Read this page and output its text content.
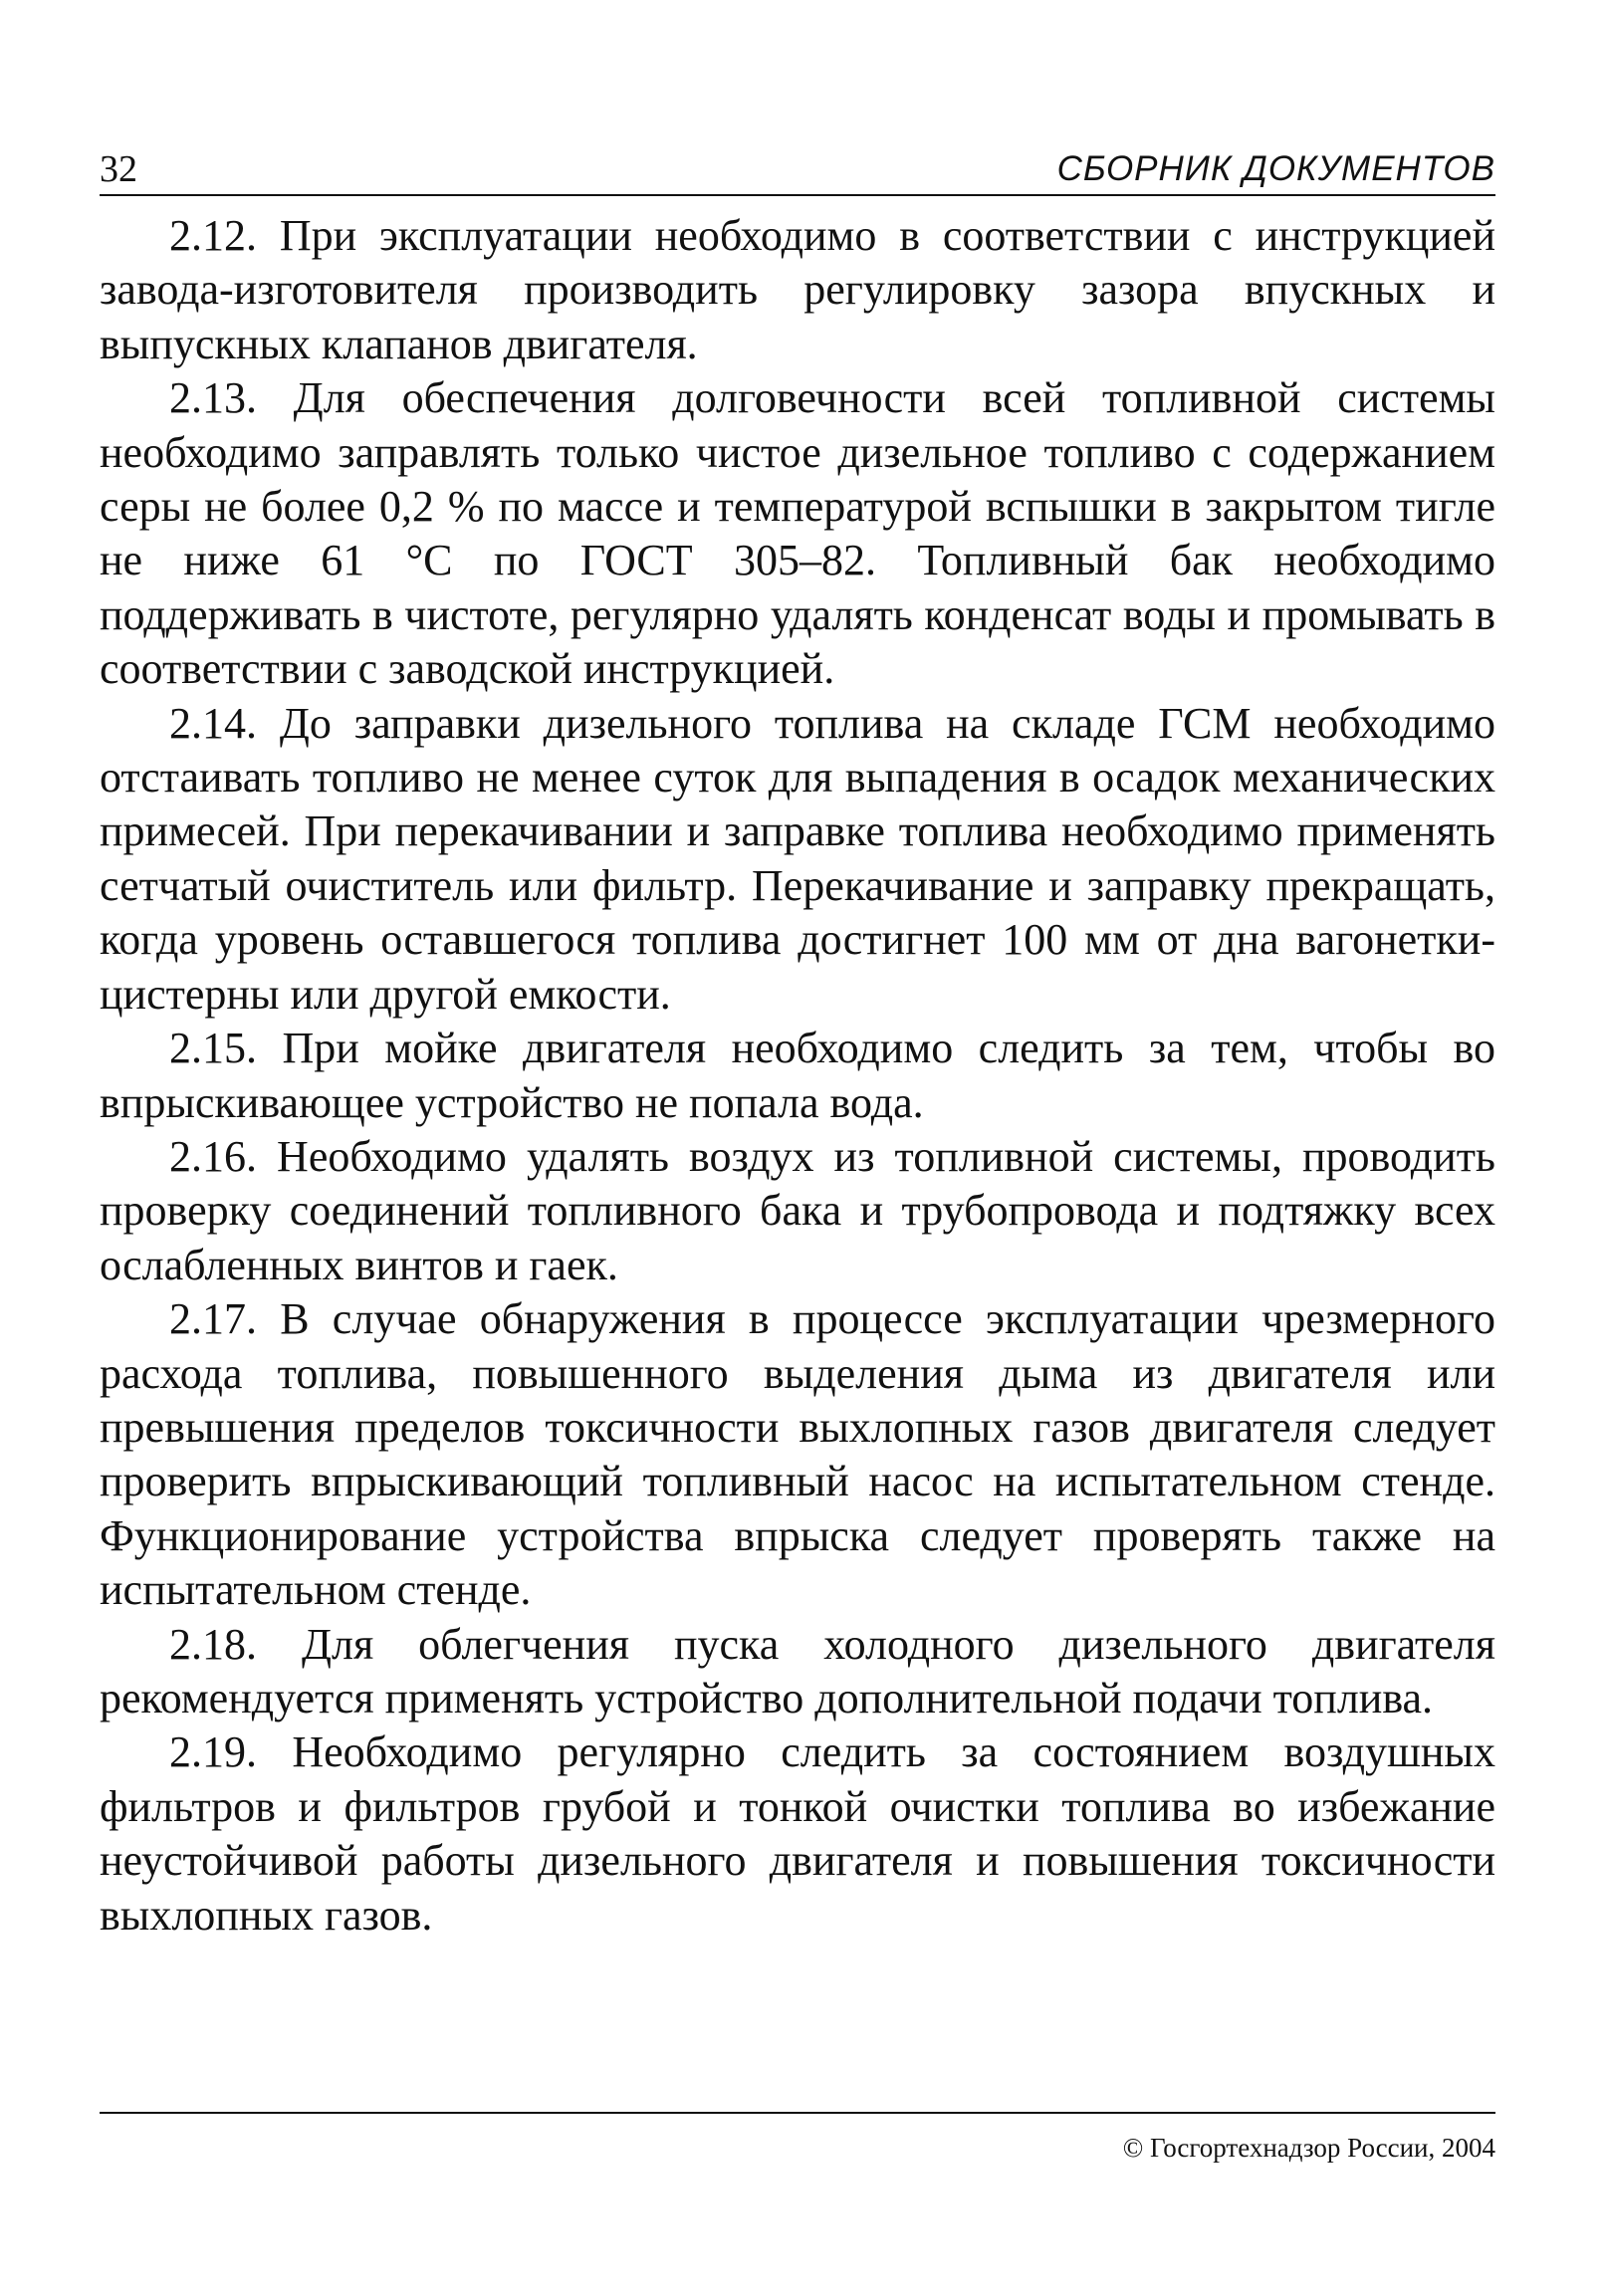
32	СБОРНИК ДОКУМЕНТОВ

2.12. При эксплуатации необходимо в соответствии с инструкцией завода-изготовителя производить регулировку зазора впускных и выпускных клапанов двигателя.

2.13. Для обеспечения долговечности всей топливной системы необходимо заправлять только чистое дизельное топливо с содержанием серы не более 0,2 % по массе и температурой вспышки в закрытом тигле не ниже 61 °С по ГОСТ 305–82. Топливный бак необходимо поддерживать в чистоте, регулярно удалять конденсат воды и промывать в соответствии с заводской инструкцией.

2.14. До заправки дизельного топлива на складе ГСМ необходимо отстаивать топливо не менее суток для выпадения в осадок механических примесей. При перекачивании и заправке топлива необходимо применять сетчатый очиститель или фильтр. Перекачивание и заправку прекращать, когда уровень оставшегося топлива достигнет 100 мм от дна вагонетки-цистерны или другой емкости.

2.15. При мойке двигателя необходимо следить за тем, чтобы во впрыскивающее устройство не попала вода.

2.16. Необходимо удалять воздух из топливной системы, проводить проверку соединений топливного бака и трубопровода и подтяжку всех ослабленных винтов и гаек.

2.17. В случае обнаружения в процессе эксплуатации чрезмерного расхода топлива, повышенного выделения дыма из двигателя или превышения пределов токсичности выхлопных газов двигателя следует проверить впрыскивающий топливный насос на испытательном стенде. Функционирование устройства впрыска следует проверять также на испытательном стенде.

2.18. Для облегчения пуска холодного дизельного двигателя рекомендуется применять устройство дополнительной подачи топлива.

2.19. Необходимо регулярно следить за состоянием воздушных фильтров и фильтров грубой и тонкой очистки топлива во избежание неустойчивой работы дизельного двигателя и повышения токсичности выхлопных газов.

© Госгортехнадзор России, 2004
